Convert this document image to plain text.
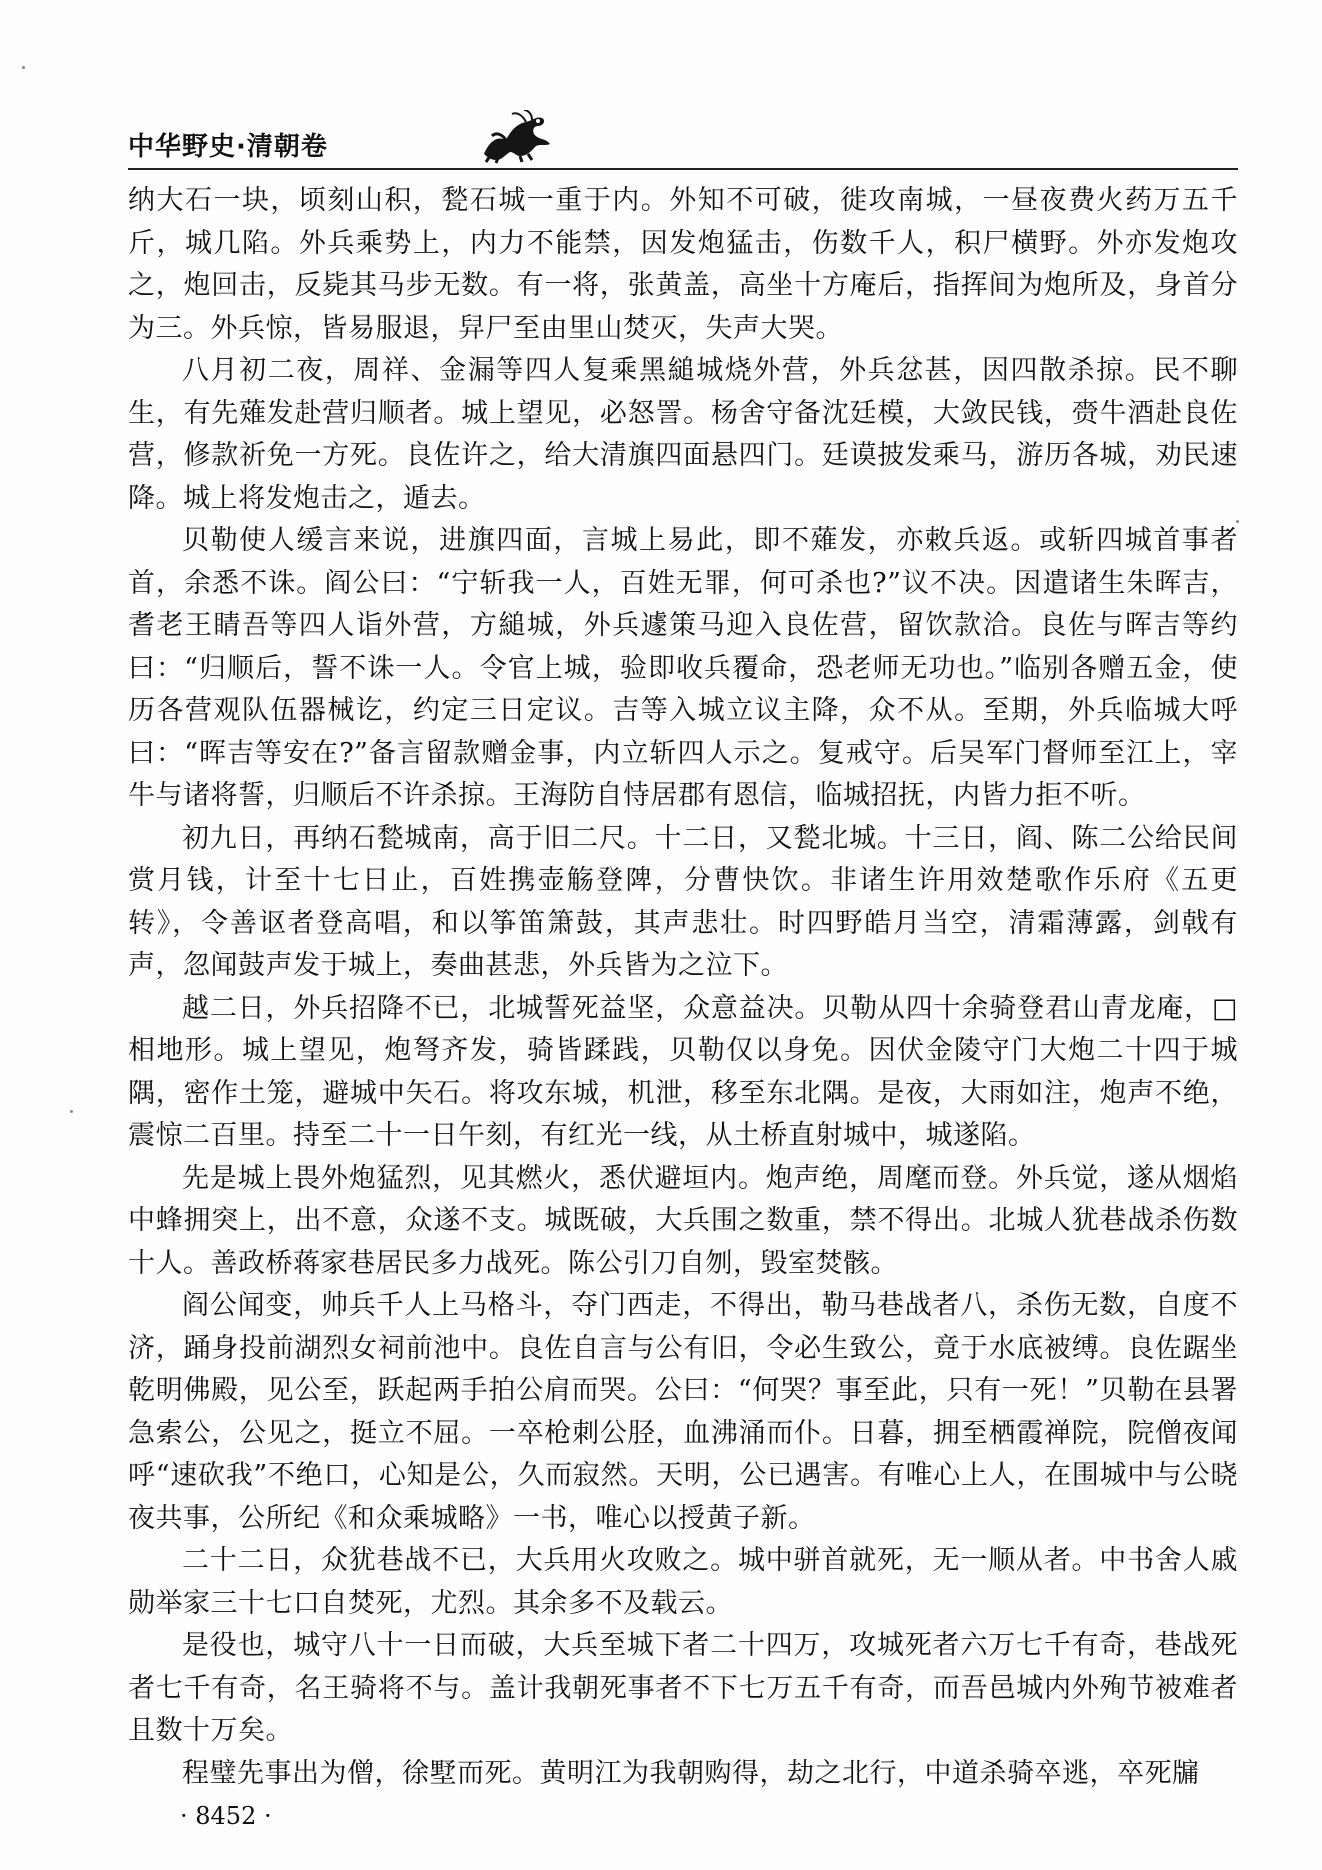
中华野史·清朝卷

纳大石一块，顷刻山积，甃石城一重于内。外知不可破，徙攻南城，一昼夜费火药万五千斤，城几陷。外兵乘势上，内力不能禁，因发炮猛击，伤数千人，积尸横野。外亦发炮攻之，炮回击，反毙其马步无数。有一将，张黄盖，高坐十方庵后，指挥间为炮所及，身首分为三。外兵惊，皆易服退，舁尸至由里山焚灭，失声大哭。

八月初二夜，周祥、金漏等四人复乘黑縋城烧外营，外兵忿甚，因四散杀掠。民不聊生，有先薙发赴营归顺者。城上望见，必怒詈。杨舍守备沈廷模，大敛民钱，赍牛酒赴良佐营，修款祈免一方死。良佐许之，给大清旗四面悬四门。廷谟披发乘马，游历各城，劝民速降。城上将发炮击之，遁去。

贝勒使人缓言来说，进旗四面，言城上易此，即不薙发，亦敕兵返。或斩四城首事者首，余悉不诛。阎公曰：“宁斩我一人，百姓无罪，何可杀也?”议不决。因遣诸生朱晖吉，耆老王睛吾等四人诣外营，方縋城，外兵遽策马迎入良佐营，留饮款洽。良佐与晖吉等约曰：“归顺后，誓不诛一人。令官上城，验即收兵覆命，恐老师无功也。”临别各赠五金，使历各营观队伍器械讫，约定三日定议。吉等入城立议主降，众不从。至期，外兵临城大呼曰：“晖吉等安在?”备言留款赠金事，内立斩四人示之。复戒守。后吴军门督师至江上，宰牛与诸将誓，归顺后不许杀掠。王海防自恃居郡有恩信，临城招抚，内皆力拒不听。

初九日，再纳石甃城南，高于旧二尺。十二日，又甃北城。十三日，阎、陈二公给民间赏月钱，计至十七日止，百姓携壶觞登陴，分曹快饮。非诸生许用效楚歌作乐府《五更转》，令善讴者登高唱，和以筝笛箫鼓，其声悲壮。时四野皓月当空，清霜薄露，剑戟有声，忽闻鼓声发于城上，奏曲甚悲，外兵皆为之泣下。

越二日，外兵招降不已，北城誓死益坚，众意益决。贝勒从四十余骑登君山青龙庵，□相地形。城上望见，炮弩齐发，骑皆蹂践，贝勒仅以身免。因伏金陵守门大炮二十四于城隅，密作土笼，避城中矢石。将攻东城，机泄，移至东北隅。是夜，大雨如注，炮声不绝，震惊二百里。持至二十一日午刻，有红光一线，从土桥直射城中，城遂陷。

先是城上畏外炮猛烈，见其燃火，悉伏避垣内。炮声绝，周麾而登。外兵觉，遂从烟焰中蜂拥突上，出不意，众遂不支。城既破，大兵围之数重，禁不得出。北城人犹巷战杀伤数十人。善政桥蒋家巷居民多力战死。陈公引刀自刎，毁室焚骸。

阎公闻变，帅兵千人上马格斗，夺门西走，不得出，勒马巷战者八，杀伤无数，自度不济，踊身投前湖烈女祠前池中。良佐自言与公有旧，令必生致公，竟于水底被缚。良佐踞坐乾明佛殿，见公至，跃起两手拍公肩而哭。公曰：“何哭？事至此，只有一死！”贝勒在县署急索公，公见之，挺立不屈。一卒枪刺公胫，血沸涌而仆。日暮，拥至栖霞禅院，院僧夜闻呼“速砍我”不绝口，心知是公，久而寂然。天明，公已遇害。有唯心上人，在围城中与公晓夜共事，公所纪《和众乘城略》一书，唯心以授黄子新。

二十二日，众犹巷战不已，大兵用火攻败之。城中骈首就死，无一顺从者。中书舍人戚勋举家三十七口自焚死，尤烈。其余多不及载云。

是役也，城守八十一日而破，大兵至城下者二十四万，攻城死者六万七千有奇，巷战死者七千有奇，名王骑将不与。盖计我朝死事者不下七万五千有奇，而吾邑城内外殉节被难者且数十万矣。

程璧先事出为僧，徐墅而死。黄明江为我朝购得，劫之北行，中道杀骑卒逃，卒死牖

· 8452 ·
